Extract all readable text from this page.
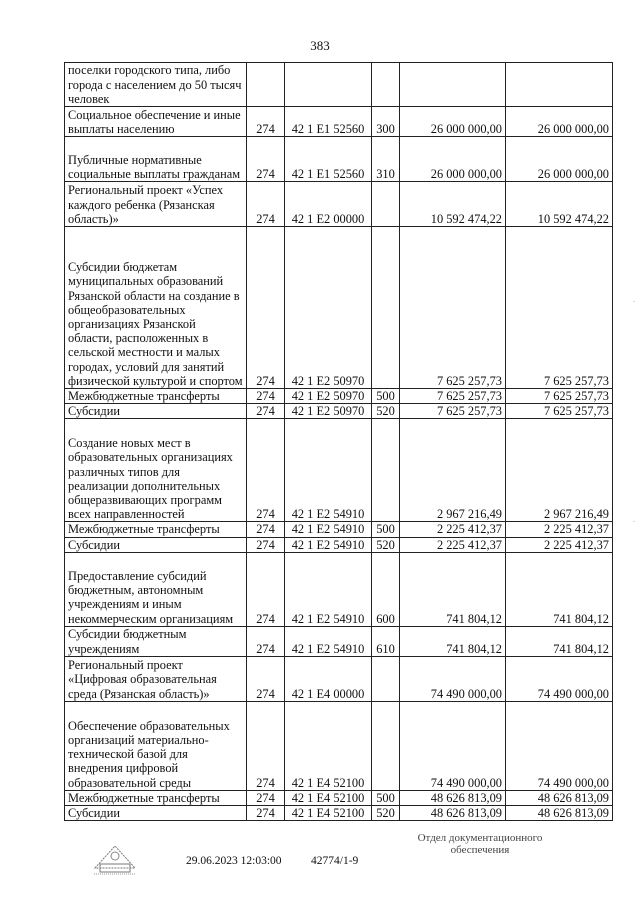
383
поселки городского типа, либо города с населением до 50 тысяч человек					
Социальное обеспечение и иные выплаты населению	274	42 1 E1 52560	300	26 000 000,00	26 000 000,00
Публичные нормативные социальные выплаты гражданам	274	42 1 E1 52560	310	26 000 000,00	26 000 000,00
Региональный проект «Успех каждого ребенка (Рязанская область)»	274	42 1 E2 00000		10 592 474,22	10 592 474,22
Субсидии бюджетам муниципальных образований Рязанской области на создание в общеобразовательных организациях Рязанской области, расположенных в сельской местности и малых городах, условий для занятий физической культурой и спортом	274	42 1 E2 50970		7 625 257,73	7 625 257,73
Межбюджетные трансферты	274	42 1 E2 50970	500	7 625 257,73	7 625 257,73
Субсидии	274	42 1 E2 50970	520	7 625 257,73	7 625 257,73
Создание новых мест в образовательных организациях различных типов для реализации дополнительных общеразвивающих программ всех направленностей	274	42 1 E2 54910		2 967 216,49	2 967 216,49
Межбюджетные трансферты	274	42 1 E2 54910	500	2 225 412,37	2 225 412,37
Субсидии	274	42 1 E2 54910	520	2 225 412,37	2 225 412,37
Предоставление субсидий бюджетным, автономным учреждениям и иным некоммерческим организациям	274	42 1 E2 54910	600	741 804,12	741 804,12
Субсидии бюджетным учреждениям	274	42 1 E2 54910	610	741 804,12	741 804,12
Региональный проект «Цифровая образовательная среда (Рязанская область)»	274	42 1 E4 00000		74 490 000,00	74 490 000,00
Обеспечение образовательных организаций материально-технической базой для внедрения цифровой образовательной среды	274	42 1 E4 52100		74 490 000,00	74 490 000,00
Межбюджетные трансферты	274	42 1 E4 52100	500	48 626 813,09	48 626 813,09
Субсидии	274	42 1 E4 52100	520	48 626 813,09	48 626 813,09
·
·
29.06.2023 12:03:00	42774/1-9
Отдел документационного
обеспечения
